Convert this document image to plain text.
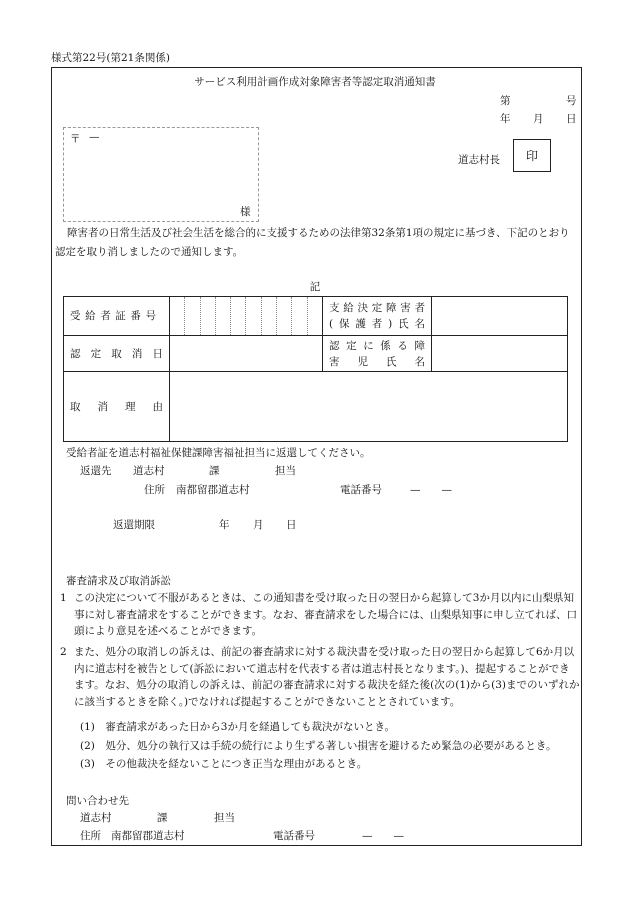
様式第22号(第21条関係)
サービス利用計画作成対象障害者等認定取消通知書
第	号
年 月 日
〒 —
様
道志村長 印
障害者の日常生活及び社会生活を総合的に支援するための法律第32条第1項の規定に基づき、下記のとおり認定を取り消しましたので通知します。
記
受給者証番号		支給決定障害者
(保護者)氏名	

認定取消日		認定に係る障
害児氏名	

取消理由			

受給者証を道志村福祉保健課障害福祉担当に返還してください。
返還先 道志村	課	担当
住所 南都留郡道志村	電話番号	—　　—
返還期限	年 月 日
審査請求及び取消訴訟
1 この決定について不服があるときは、この通知書を受け取った日の翌日から起算して3か月以内に山梨県知事に対し審査請求をすることができます。なお、審査請求をした場合には、山梨県知事に申し立てれば、口頭により意見を述べることができます。
2 また、処分の取消しの訴えは、前記の審査請求に対する裁決書を受け取った日の翌日から起算して6か月以内に道志村を被告として(訴訟において道志村を代表する者は道志村長となります。)、提起することができます。なお、処分の取消しの訴えは、前記の審査請求に対する裁決を経た後(次の(1)から(3)までのいずれかに該当するときを除く。)でなければ提起することができないこととされています。
(1)　審査請求があった日から3か月を経過しても裁決がないとき。
(2)　処分、処分の執行又は手続の続行により生ずる著しい損害を避けるため緊急の必要があるとき。
(3)　その他裁決を経ないことにつき正当な理由があるとき。
問い合わせ先
道志村	課	担当
住所 南都留郡道志村	電話番号	—　　—
